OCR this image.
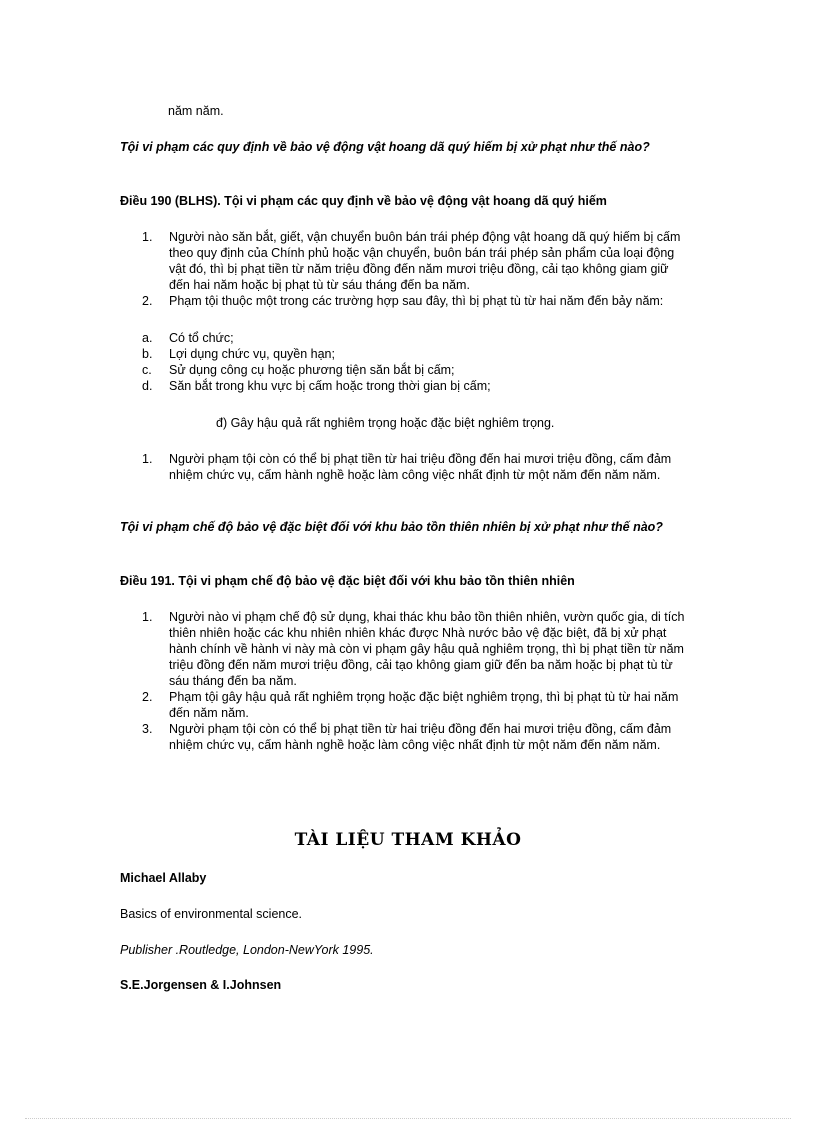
năm năm.
Tội vi phạm các quy định về bảo vệ động vật hoang dã quý hiếm bị xử phạt như thế nào?
Điều 190 (BLHS). Tội vi phạm các quy định về bảo vệ động vật hoang dã quý hiếm
1. Người nào săn bắt, giết, vận chuyển buôn bán trái phép động vật hoang dã quý hiếm bị cấm theo quy định của Chính phủ hoặc vận chuyển, buôn bán trái phép sản phẩm của loại động vật đó, thì bị phạt tiền từ năm triệu đồng đến năm mươi triệu đồng, cải tạo không giam giữ đến hai năm hoặc bị phạt tù từ sáu tháng đến ba năm.
2. Phạm tội thuộc một trong các trường hợp sau đây, thì bị phạt tù từ hai năm đến bảy năm:
a. Có tổ chức;
b. Lợi dụng chức vụ, quyền hạn;
c. Sử dụng công cụ hoặc phương tiện săn bắt bị cấm;
d. Săn bắt trong khu vực bị cấm hoặc trong thời gian bị cấm;
đ) Gây hậu quả rất nghiêm trọng hoặc đặc biệt nghiêm trọng.
1. Người phạm tội còn có thể bị phạt tiền từ hai triệu đồng đến hai mươi triệu đồng, cấm đảm nhiệm chức vụ, cấm hành nghề hoặc làm công việc nhất định từ một năm đến năm năm.
Tội vi phạm chế độ bảo vệ đặc biệt đối với khu bảo tồn thiên nhiên bị xử phạt như thế nào?
Điều 191. Tội vi phạm chế độ bảo vệ đặc biệt đối với khu bảo tồn thiên nhiên
1. Người nào vi phạm chế độ sử dụng, khai thác khu bảo tồn thiên nhiên, vườn quốc gia, di tích thiên nhiên hoặc các khu nhiên nhiên khác được Nhà nước bảo vệ đặc biệt, đã bị xử phạt hành chính về hành vi này mà còn vi phạm gây hậu quả nghiêm trọng, thì bị phạt tiền từ năm triệu đồng đến năm mươi triệu đồng, cải tạo không giam giữ đến ba năm hoặc bị phạt tù từ sáu tháng đến ba năm.
2. Phạm tội gây hậu quả rất nghiêm trọng hoặc đặc biệt nghiêm trọng, thì bị phạt tù từ hai năm đến năm năm.
3. Người phạm tội còn có thể bị phạt tiền từ hai triệu đồng đến hai mươi triệu đồng, cấm đảm nhiệm chức vụ, cấm hành nghề hoặc làm công việc nhất định từ một năm đến năm năm.
TÀI LIỆU THAM KHẢO
Michael Allaby
Basics of environmental science.
Publisher .Routledge, London-NewYork 1995.
S.E.Jorgensen & I.Johnsen
